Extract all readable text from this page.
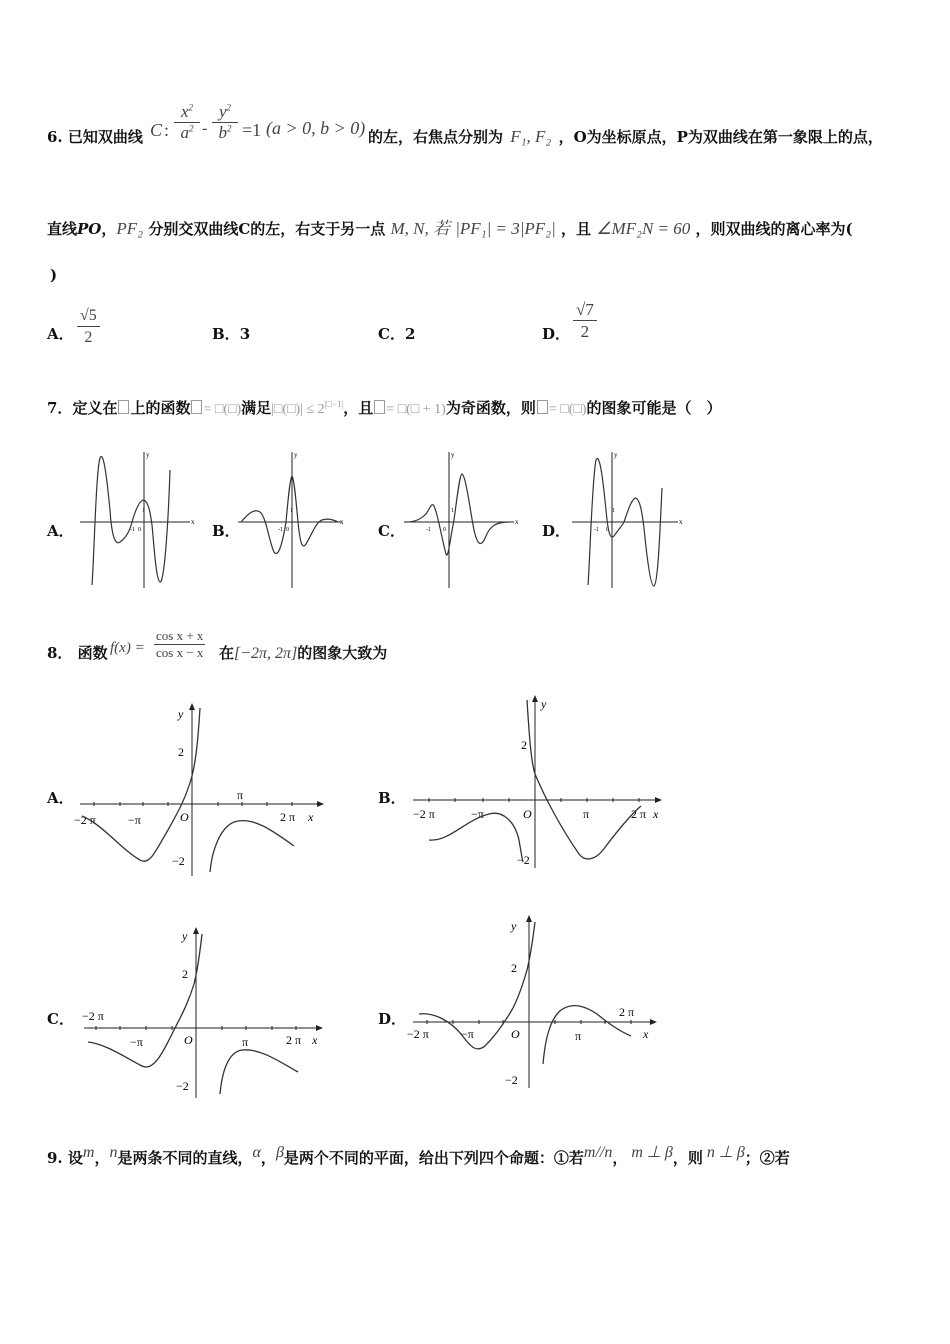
6. 已知双曲线 C :
$x^2$
$a^2$ -
$y^2$
$b^2 =1$ (a > 0, b > 0) 的左，右焦点分别为 F₁, F₂ ，O为坐标原点，P为双曲线在第一象限上的点，
直线PO，PF₂ 分别交双曲线C的左，右支于另一点 M, N, 若 |PF₁| = 3|PF₂| ，且 ∠MF₂N = 60 ，则双曲线的离心率为(
)
A． $\frac{√5}{2}$	B．3	C．2	D． $\frac{√7}{2}$
7．定义在 上的函数 = □(□)满足|□(□)| ≤ $2^{|□-1|}$，且 = □(□ + 1)为奇函数，则 = □(□)的图象可能是（　）
A．	x
y
-1 0
1
B．	x
y
-1 0
1
C．	x
y
-1 0
1
D．	x
y
-1 0
1
8． 函数 $f(x) = \frac{\text{cos x + x}}{\text{cos x − x}}$ 在[−2π, 2π]的图象大致为
A．
y
2
−2
O
π
−π
−2 π	2 π x
B．
y
2
−2
O	π
−π
−2 π	2 π x
C．
y
2
−2
O	π
−π
−2 π
2 π x
D．
y
2
−2
O	π
−π
−2 π
2 π
x
9. 设$^m$，$^n$是两条不同的直线，$^\alpha$，$^\beta$是两个不同的平面，给出下列四个命题：①若$^{m//n}$， $^{m \perp \beta}$，则 $^{n \perp \beta}$；②若
